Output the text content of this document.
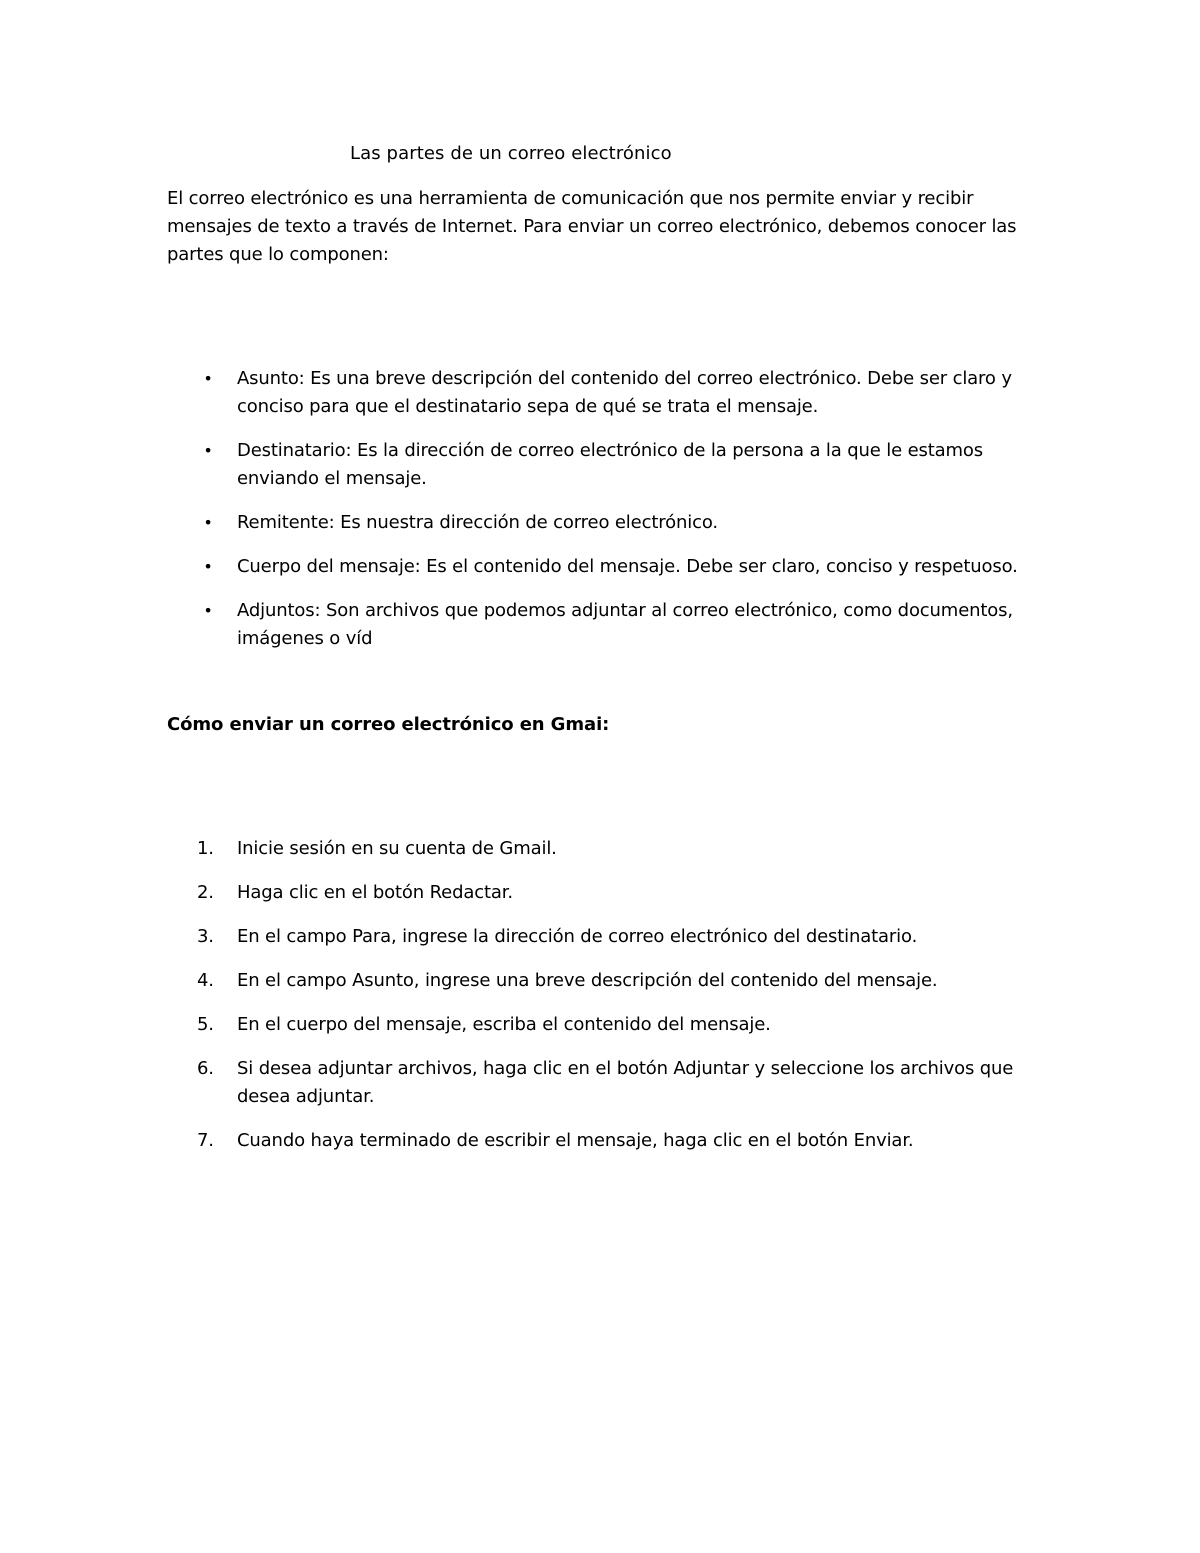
Las partes de un correo electrónico

El correo electrónico es una herramienta de comunicación que nos permite enviar y recibir mensajes de texto a través de Internet. Para enviar un correo electrónico, debemos conocer las partes que lo componen:

• Asunto: Es una breve descripción del contenido del correo electrónico. Debe ser claro y conciso para que el destinatario sepa de qué se trata el mensaje.
• Destinatario: Es la dirección de correo electrónico de la persona a la que le estamos enviando el mensaje.
• Remitente: Es nuestra dirección de correo electrónico.
• Cuerpo del mensaje: Es el contenido del mensaje. Debe ser claro, conciso y respetuoso.
• Adjuntos: Son archivos que podemos adjuntar al correo electrónico, como documentos, imágenes o víd

Cómo enviar un correo electrónico en Gmai:

1.	Inicie sesión en su cuenta de Gmail.
2.	Haga clic en el botón Redactar.
3.	En el campo Para, ingrese la dirección de correo electrónico del destinatario.
4.	En el campo Asunto, ingrese una breve descripción del contenido del mensaje.
5.	En el cuerpo del mensaje, escriba el contenido del mensaje.
6.	Si desea adjuntar archivos, haga clic en el botón Adjuntar y seleccione los archivos que desea adjuntar.
7.	Cuando haya terminado de escribir el mensaje, haga clic en el botón Enviar.
